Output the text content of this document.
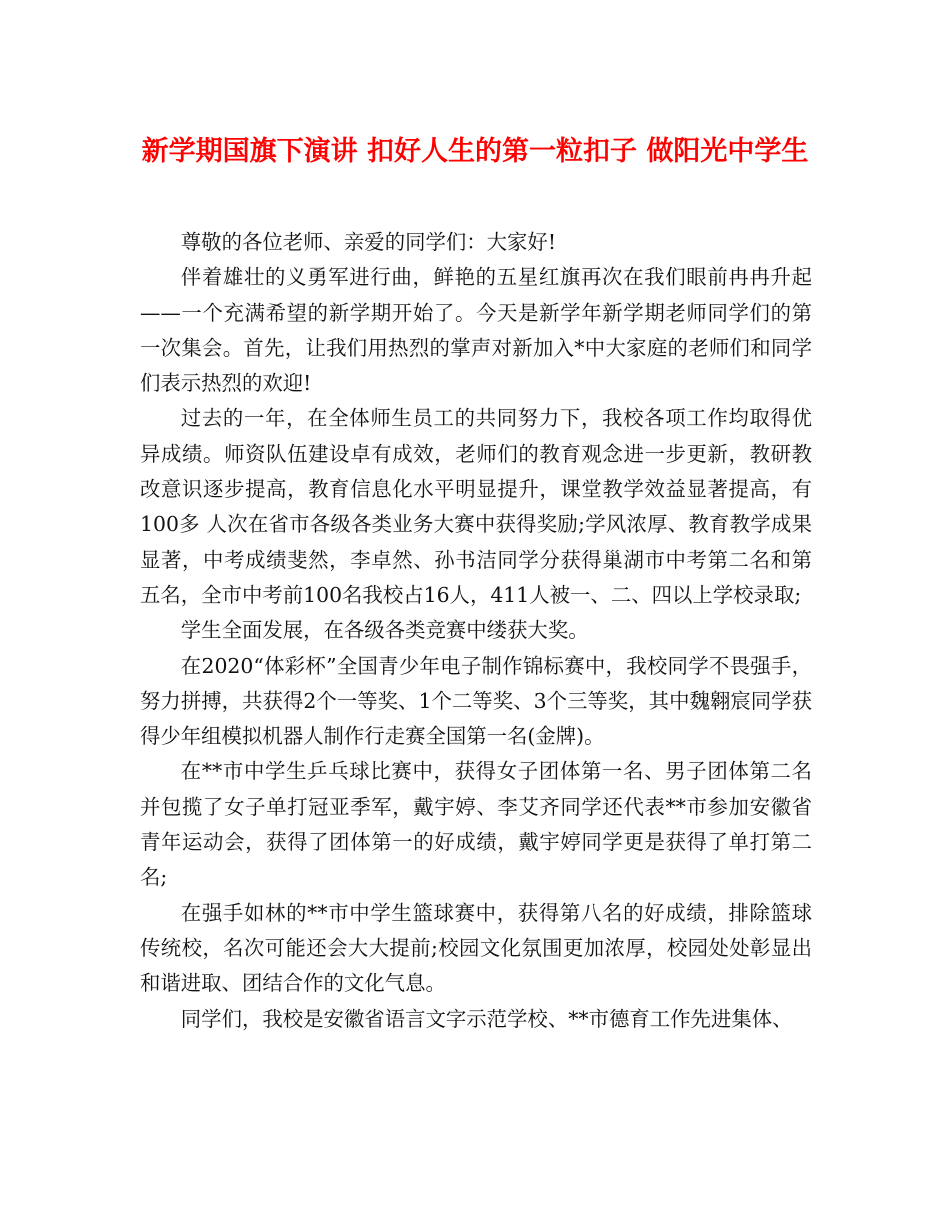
新学期国旗下演讲 扣好人生的第一粒扣子 做阳光中学生

尊敬的各位老师、亲爱的同学们：大家好!

伴着雄壮的义勇军进行曲，鲜艳的五星红旗再次在我们眼前冉冉升起——一个充满希望的新学期开始了。今天是新学年新学期老师同学们的第一次集会。首先，让我们用热烈的掌声对新加入*中大家庭的老师们和同学们表示热烈的欢迎!

过去的一年，在全体师生员工的共同努力下，我校各项工作均取得优异成绩。师资队伍建设卓有成效，老师们的教育观念进一步更新，教研教改意识逐步提高，教育信息化水平明显提升，课堂教学效益显著提高，有 100多 人次在省市各级各类业务大赛中获得奖励;学风浓厚、教育教学成果显著，中考成绩斐然，李卓然、孙书洁同学分获得巢湖市中考第二名和第五名，全市中考前100名我校占16人，411人被一、二、四以上学校录取;

学生全面发展，在各级各类竞赛中缕获大奖。

在2020“体彩杯”全国青少年电子制作锦标赛中，我校同学不畏强手，努力拼搏，共获得2个一等奖、1个二等奖、3个三等奖，其中魏翱宸同学获得少年组模拟机器人制作行走赛全国第一名(金牌)。

在**市中学生乒乓球比赛中，获得女子团体第一名、男子团体第二名并包揽了女子单打冠亚季军，戴宇婷、李艾齐同学还代表**市参加安徽省青年运动会，获得了团体第一的好成绩，戴宇婷同学更是获得了单打第二名;

在强手如林的**市中学生篮球赛中，获得第八名的好成绩，排除篮球传统校，名次可能还会大大提前;校园文化氛围更加浓厚，校园处处彰显出和谐进取、团结合作的文化气息。

同学们，我校是安徽省语言文字示范学校、**市德育工作先进集体、
